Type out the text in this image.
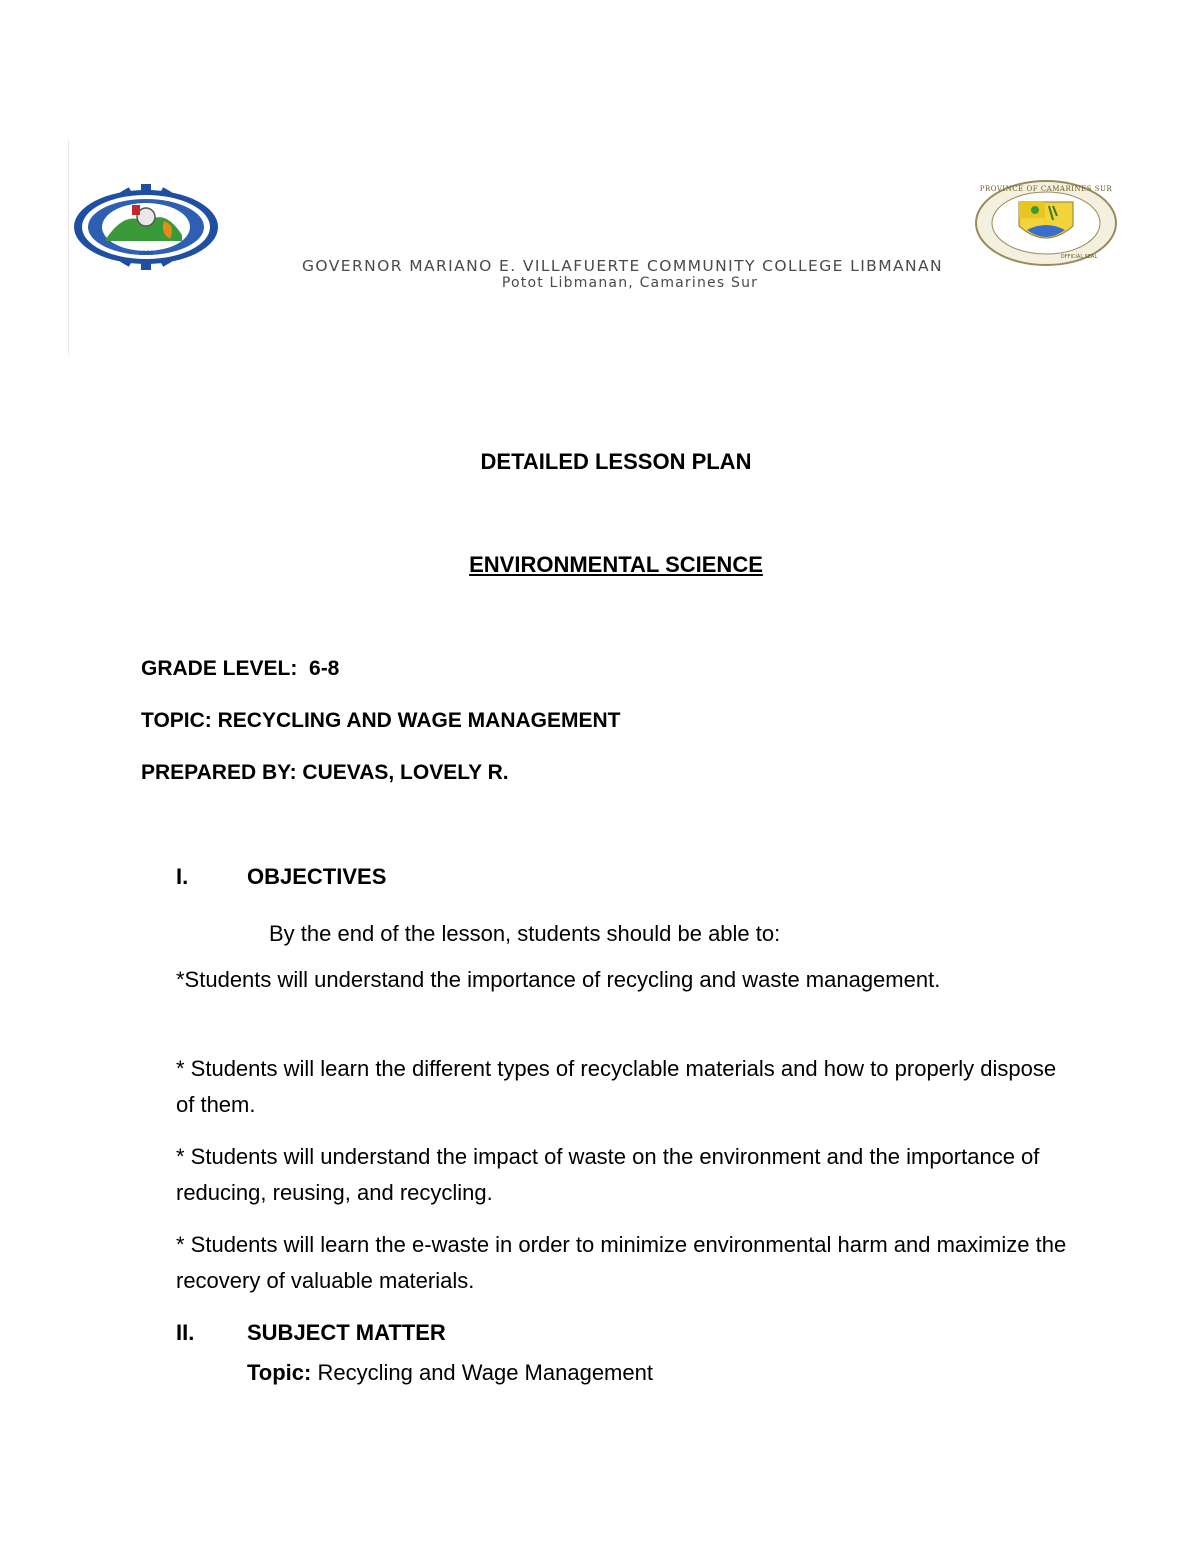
1986
PROVINCE OF CAMARINES SUR
OFFICIAL SEAL
GOVERNOR MARIANO E. VILLAFUERTE COMMUNITY COLLEGE LIBMANAN
Potot Libmanan, Camarines Sur
DETAILED LESSON PLAN
ENVIRONMENTAL SCIENCE
GRADE LEVEL:  6-8
TOPIC: RECYCLING AND WAGE MANAGEMENT
PREPARED BY: CUEVAS, LOVELY R.
I.	OBJECTIVES
By the end of the lesson, students should be able to:
*Students will understand the importance of recycling and waste management.
* Students will learn the different types of recyclable materials and how to properly dispose of them.
* Students will understand the impact of waste on the environment and the importance of reducing, reusing, and recycling.
* Students will learn the e-waste in order to minimize environmental harm and maximize the recovery of valuable materials.
II. SUBJECT MATTER
Topic: Recycling and Wage Management
